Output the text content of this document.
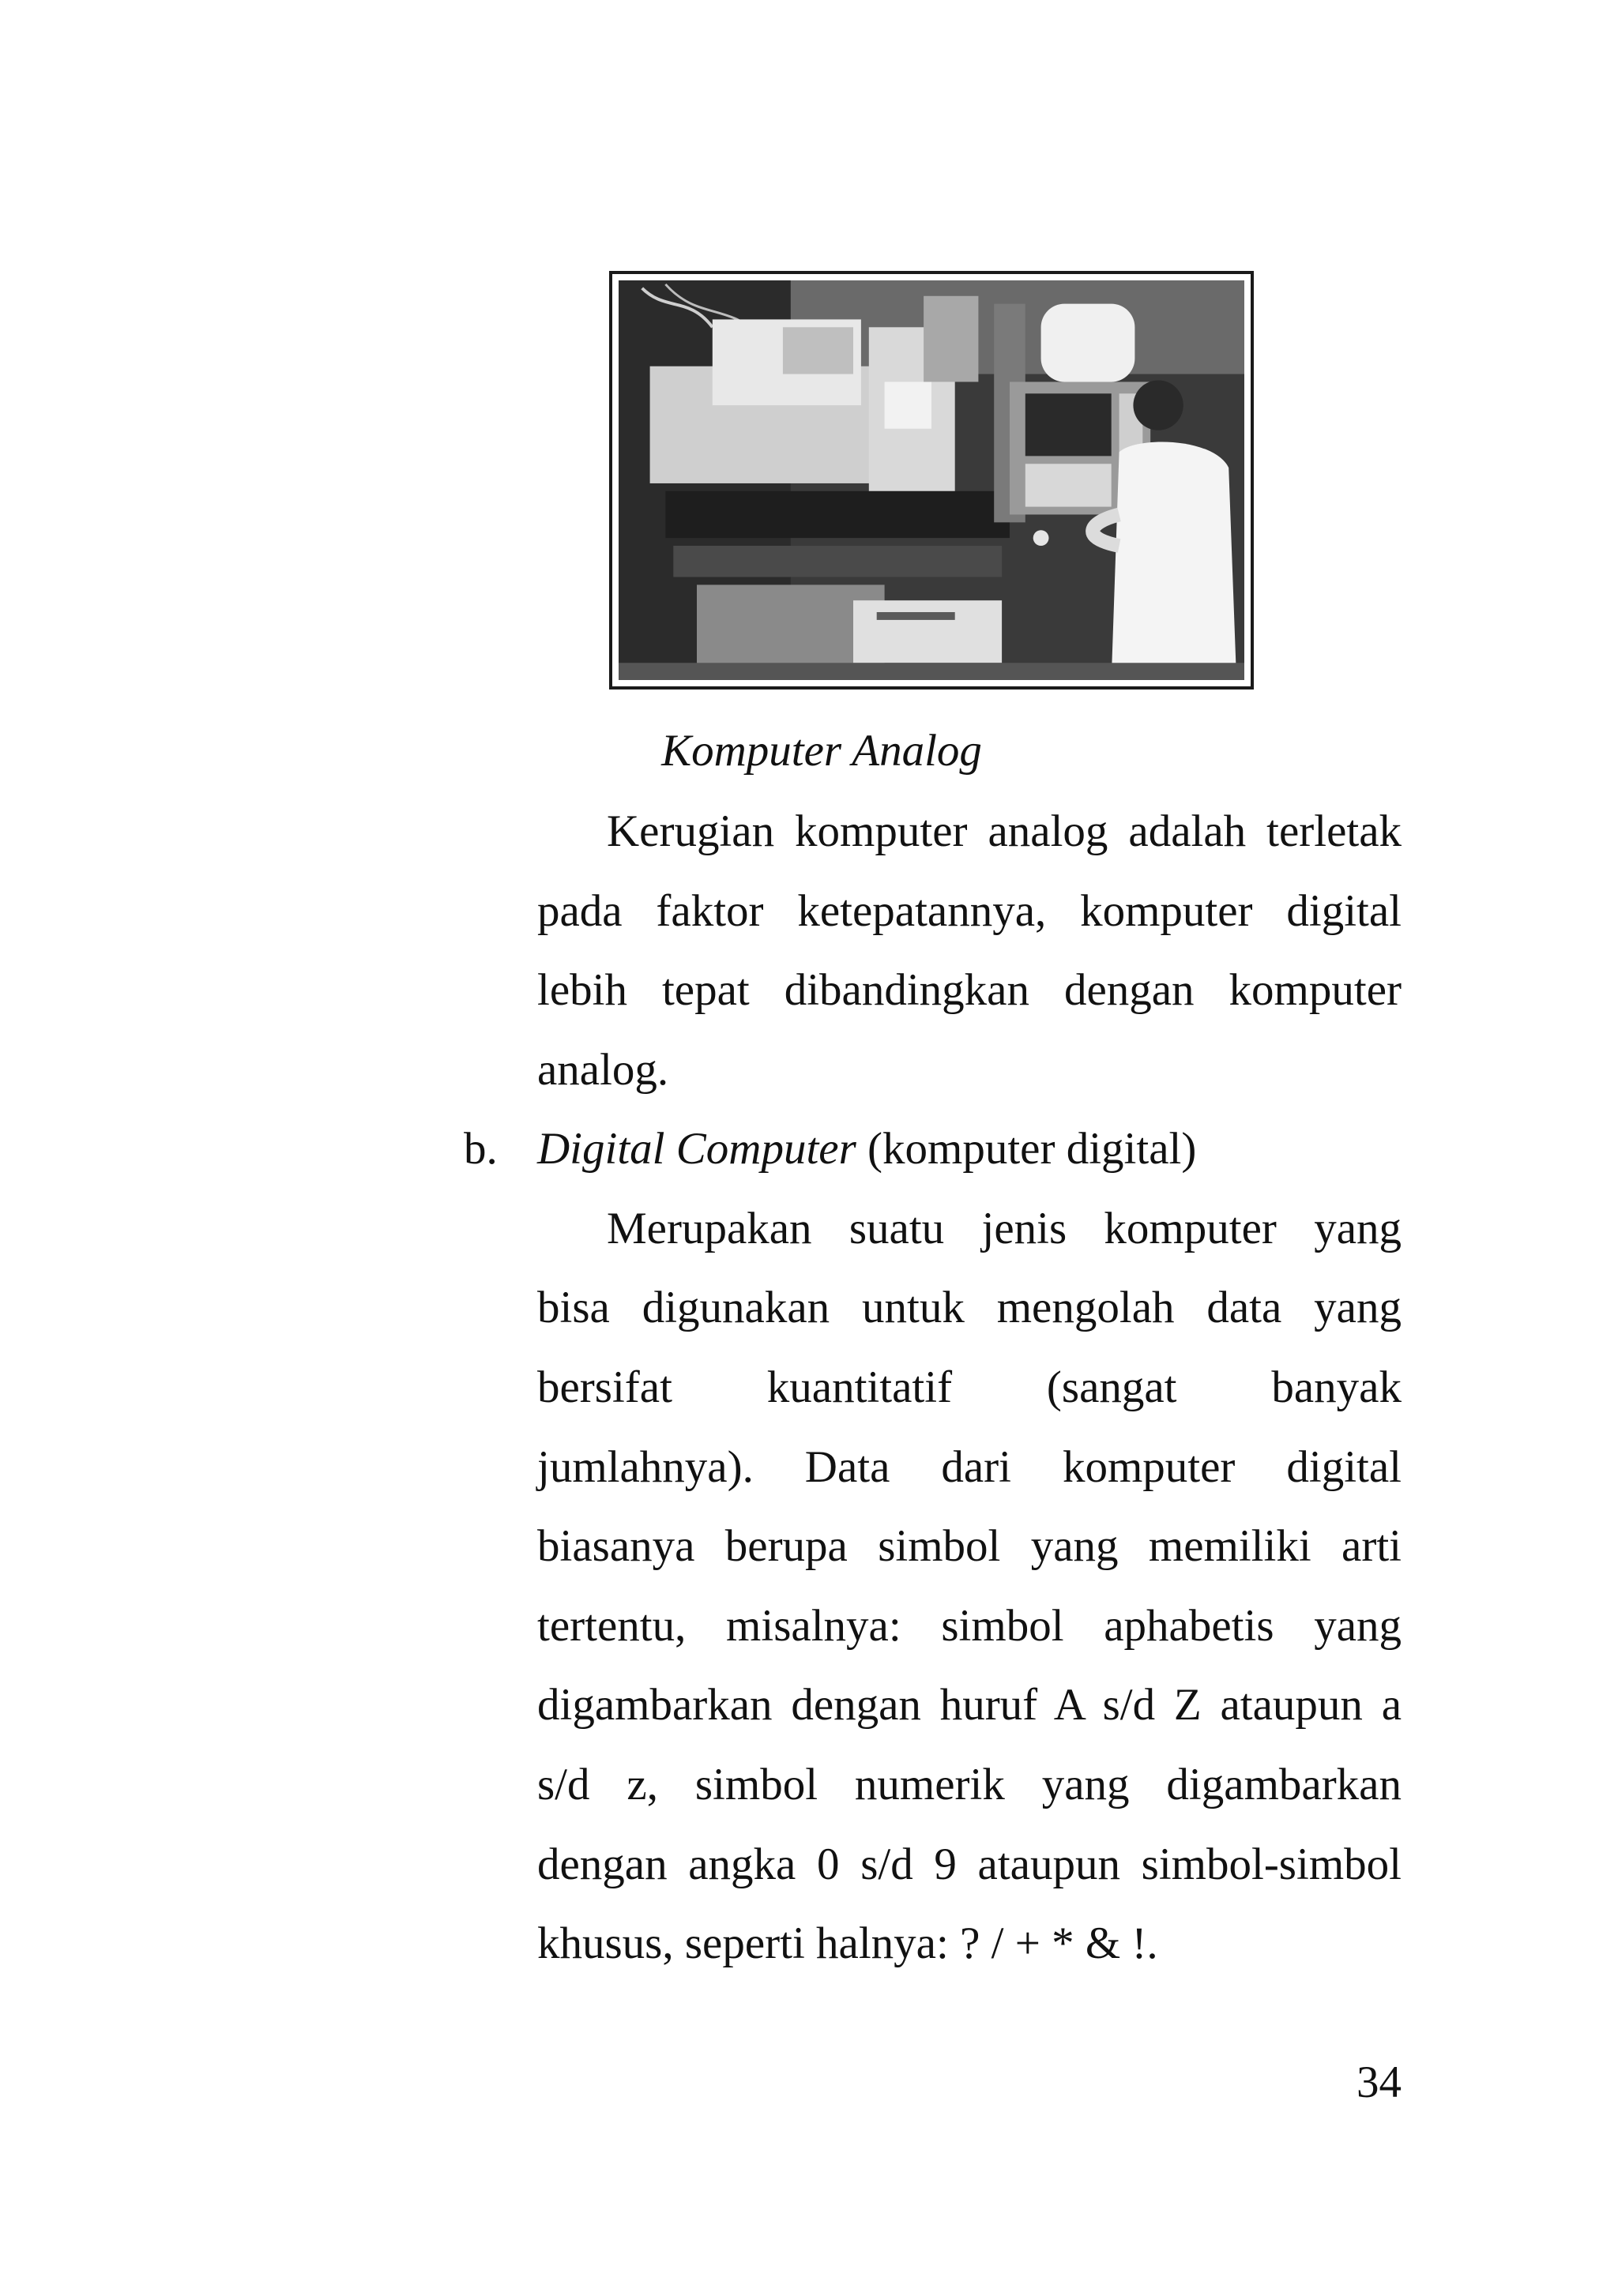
Komputer Analog
Kerugian komputer analog adalah terletak
pada faktor ketepatannya, komputer digital
lebih tepat dibandingkan dengan komputer
analog.
b. Digital Computer (komputer digital)
Merupakan suatu jenis komputer yang
bisa digunakan untuk mengolah data yang
bersifat kuantitatif (sangat banyak
jumlahnya). Data dari komputer digital
biasanya berupa simbol yang memiliki arti
tertentu, misalnya: simbol aphabetis yang
digambarkan dengan huruf A s/d Z ataupun a
s/d z, simbol numerik yang digambarkan
dengan angka 0 s/d 9 ataupun simbol-simbol
khusus, seperti halnya: ? / + * & !.
34
